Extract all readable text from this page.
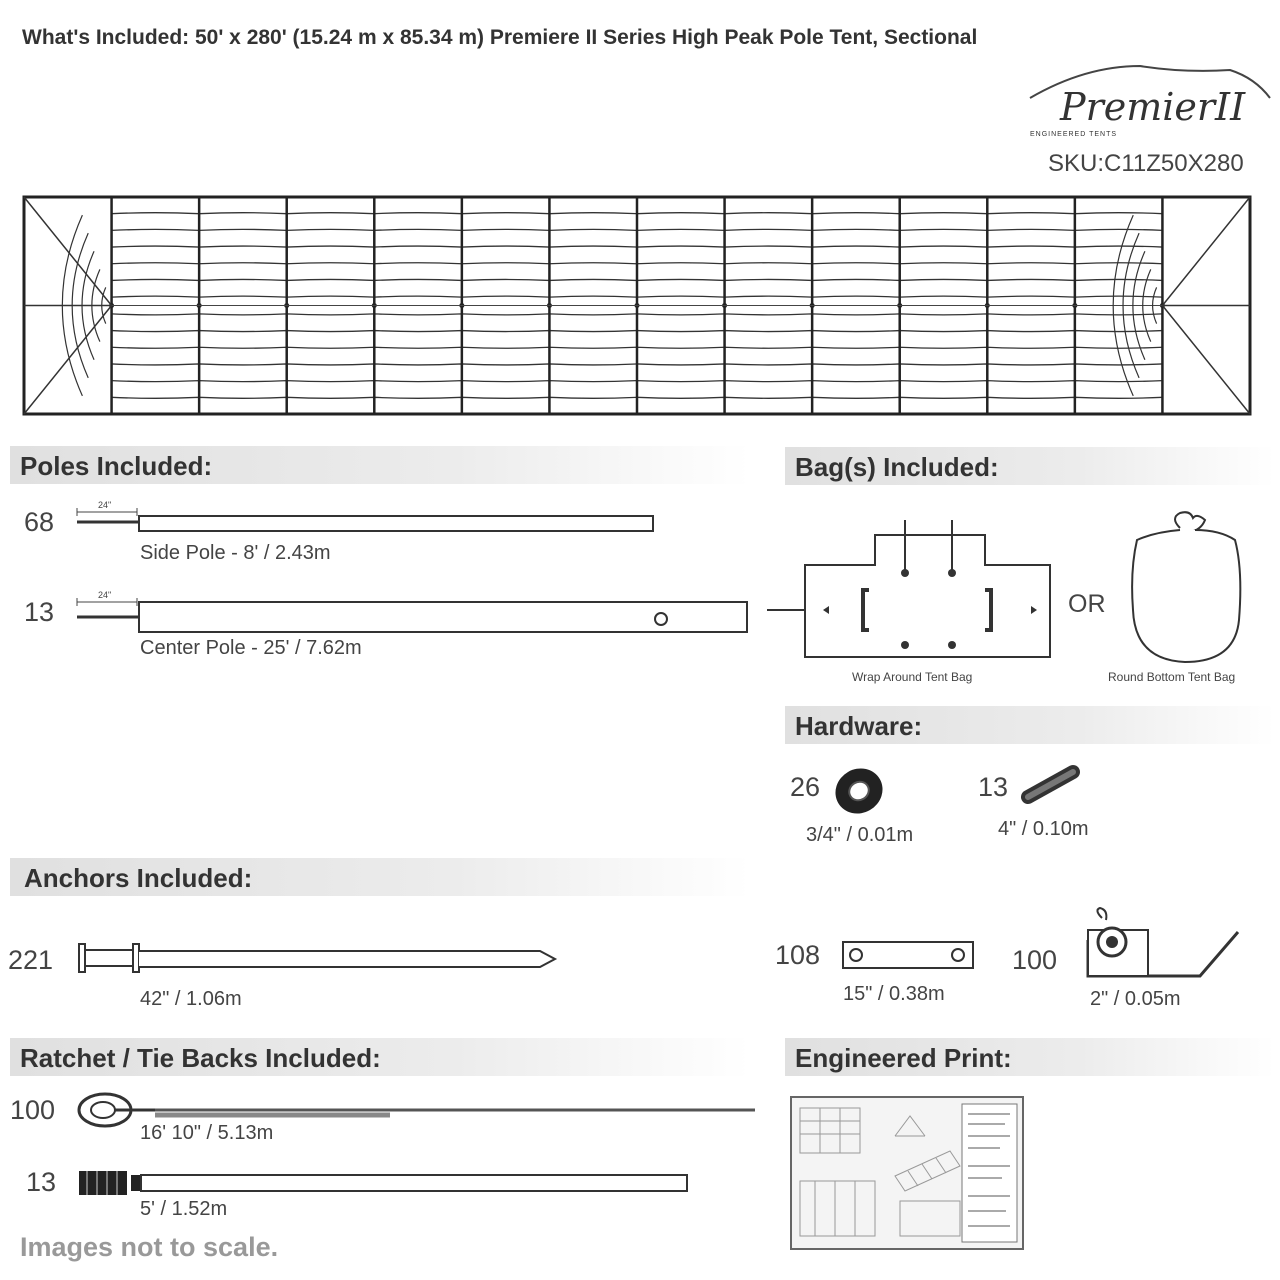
What's Included: 50' x 280' (15.24 m x 85.34 m) Premiere II Series High Peak Pole Tent, Sectional
PremierII
ENGINEERED TENTS
SKU:C11Z50X280
Poles Included:
68
24"
Side Pole - 8' / 2.43m
13
24"
Center Pole - 25' / 7.62m
Bag(s) Included:
Wrap Around Tent Bag
OR
Round Bottom Tent Bag
Hardware:
26
3/4" / 0.01m
13
4" / 0.10m
Anchors Included:
221
42" / 1.06m
108
15" / 0.38m
100
2" / 0.05m
Ratchet / Tie Backs Included:
100
16' 10" / 5.13m
13
5' / 1.52m
Engineered Print:
Images not to scale.
